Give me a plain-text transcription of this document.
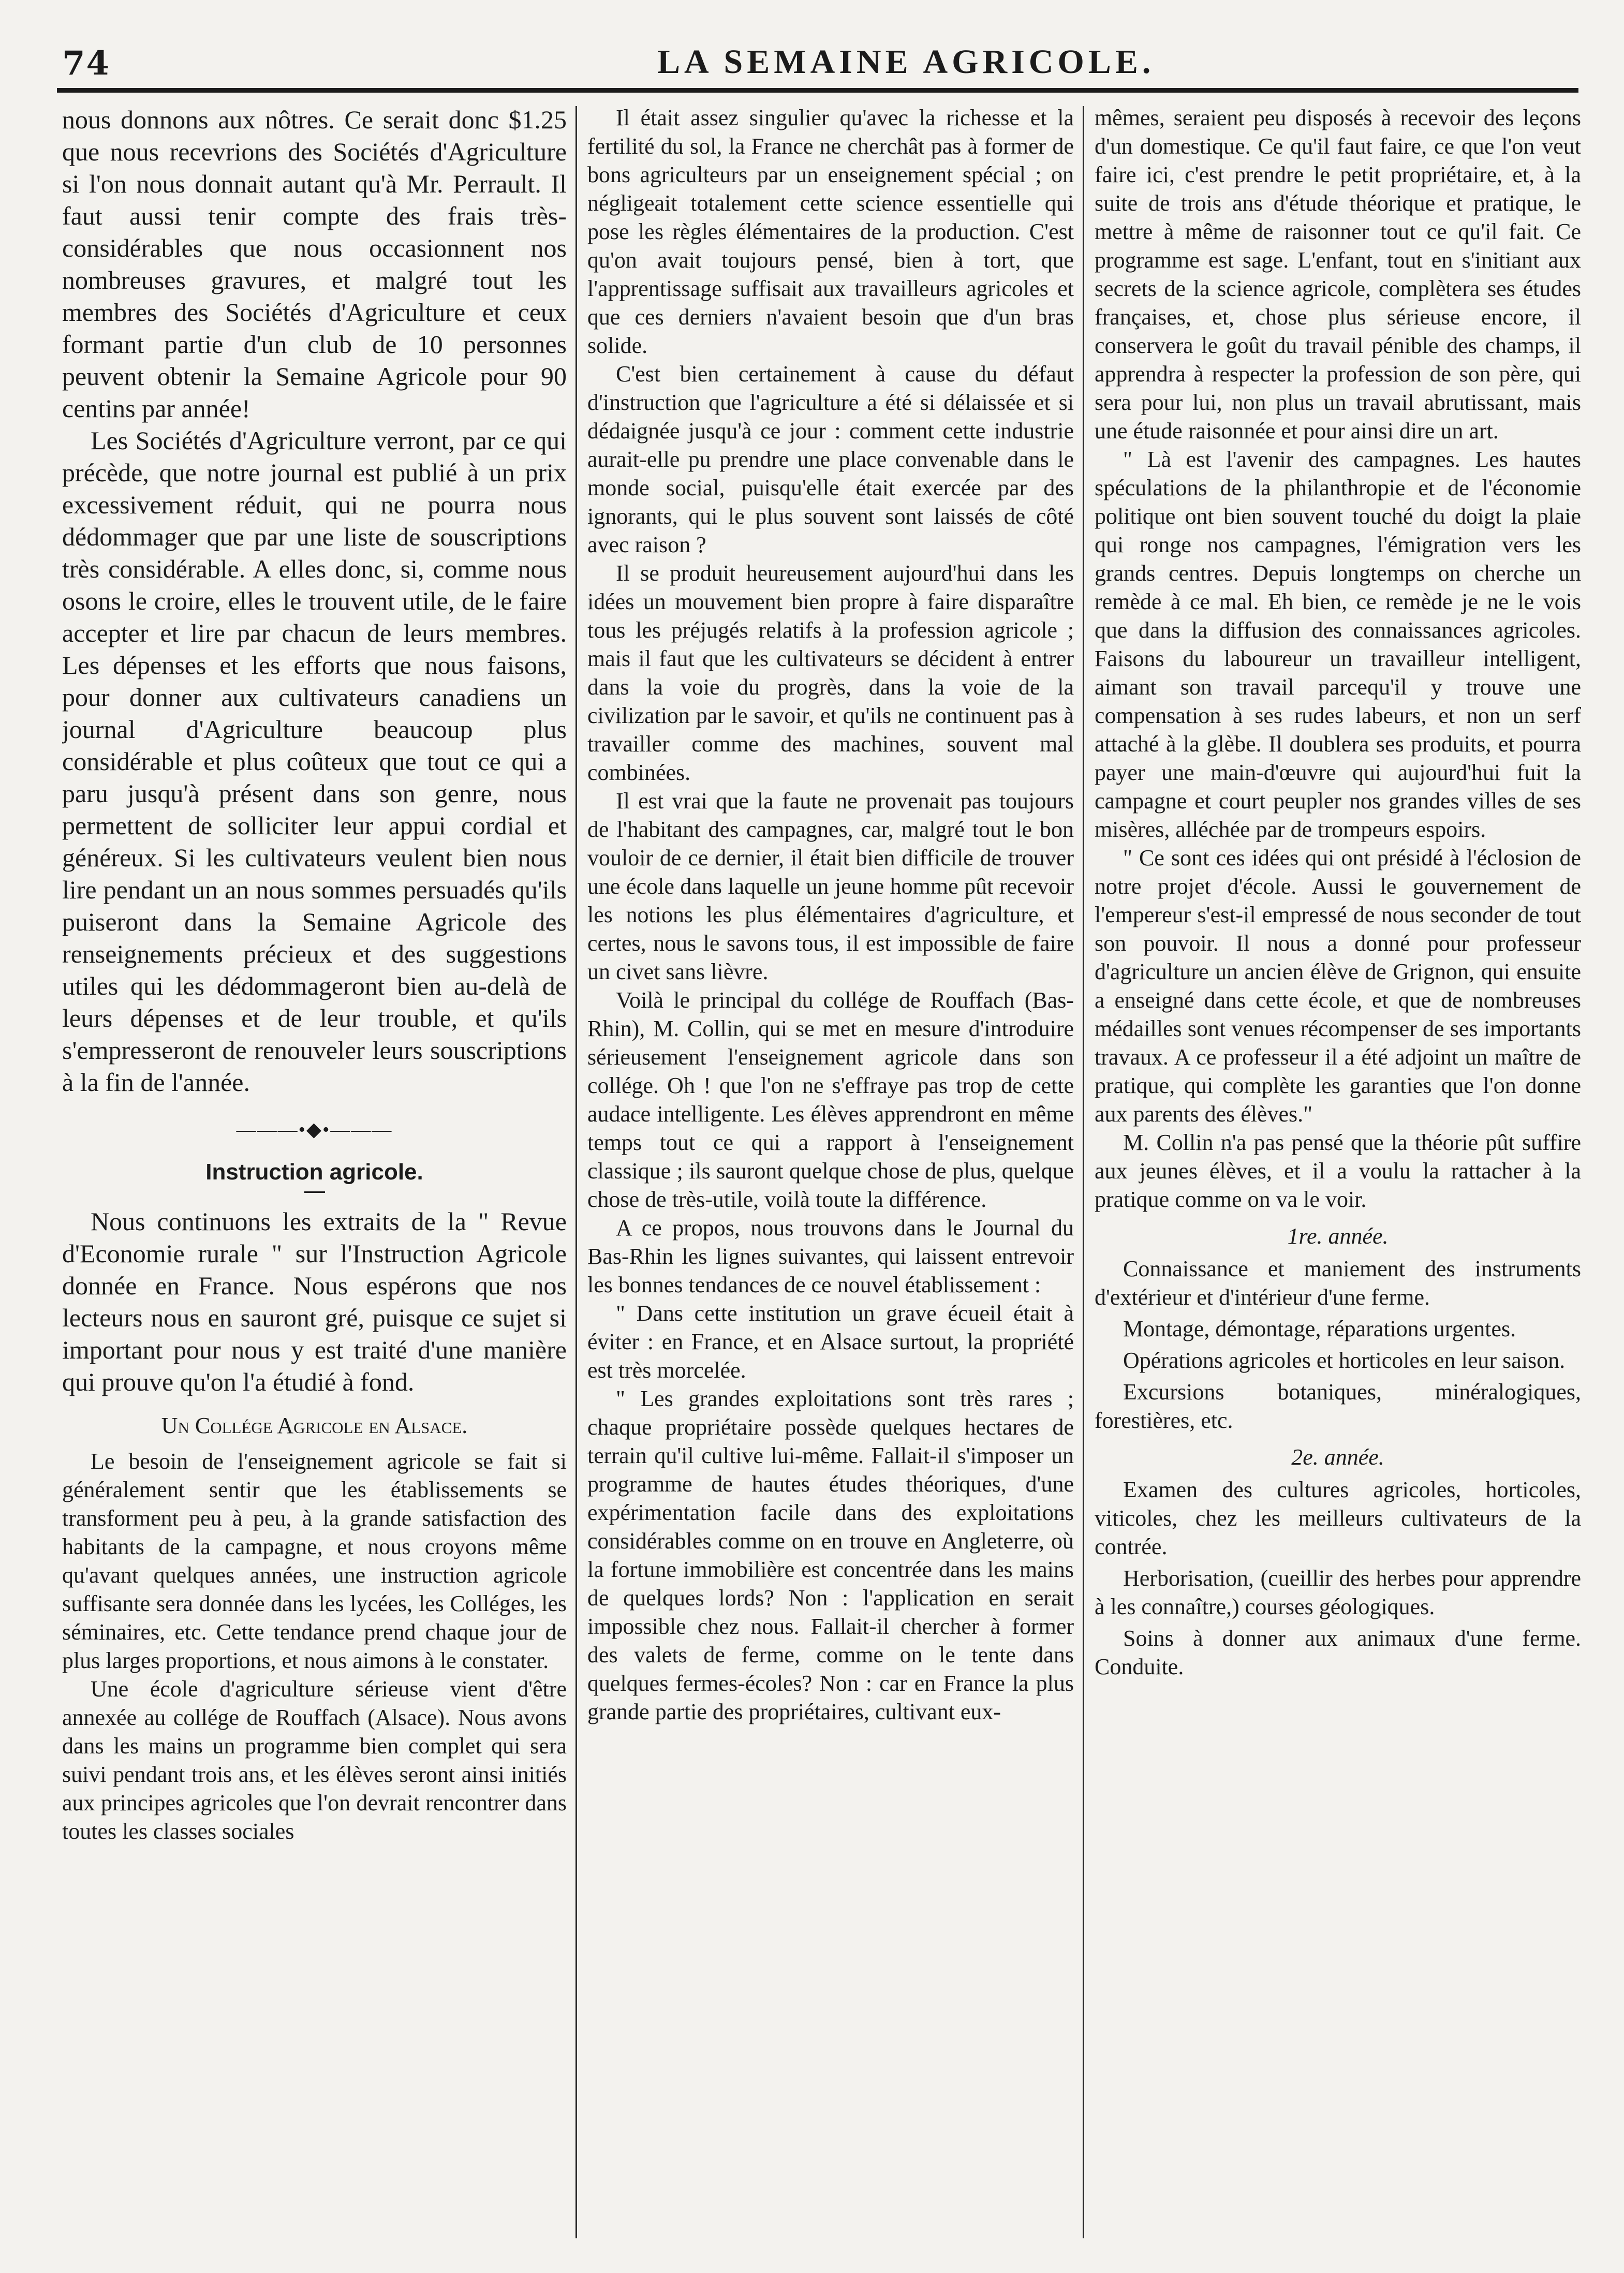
74	LA SEMAINE AGRICOLE.

nous donnons aux nôtres. Ce serait donc $1.25 que nous recevrions des Sociétés d'Agriculture si l'on nous donnait autant qu'à Mr. Perrault. Il faut aussi tenir compte des frais très-considérables que nous occasionnent nos nombreuses gravures, et malgré tout les membres des Sociétés d'Agriculture et ceux formant partie d'un club de 10 personnes peuvent obtenir la Semaine Agricole pour 90 centins par année!

Les Sociétés d'Agriculture verront, par ce qui précède, que notre journal est publié à un prix excessivement réduit, qui ne pourra nous dédommager que par une liste de souscriptions très considérable. A elles donc, si, comme nous osons le croire, elles le trouvent utile, de le faire accepter et lire par chacun de leurs membres. Les dépenses et les efforts que nous faisons, pour donner aux cultivateurs canadiens un journal d'Agriculture beaucoup plus considérable et plus coûteux que tout ce qui a paru jusqu'à présent dans son genre, nous permettent de solliciter leur appui cordial et généreux. Si les cultivateurs veulent bien nous lire pendant un an nous sommes persuadés qu'ils puiseront dans la Semaine Agricole des renseignements précieux et des suggestions utiles qui les dédommageront bien au-delà de leurs dépenses et de leur trouble, et qu'ils s'empresseront de renouveler leurs souscriptions à la fin de l'année.

———•◆•———
Instruction agricole.

Nous continuons les extraits de la " Revue d'Economie rurale " sur l'Instruction Agricole donnée en France. Nous espérons que nos lecteurs nous en sauront gré, puisque ce sujet si important pour nous y est traité d'une manière qui prouve qu'on l'a étudié à fond.

Un Collége Agricole en Alsace.

Le besoin de l'enseignement agricole se fait si généralement sentir que les établissements se transforment peu à peu, à la grande satisfaction des habitants de la campagne, et nous croyons même qu'avant quelques années, une instruction agricole suffisante sera donnée dans les lycées, les Colléges, les séminaires, etc. Cette tendance prend chaque jour de plus larges proportions, et nous aimons à le constater.

Une école d'agriculture sérieuse vient d'être annexée au collége de Rouffach (Alsace). Nous avons dans les mains un programme bien complet qui sera suivi pendant trois ans, et les élèves seront ainsi initiés aux principes agricoles que l'on devrait rencontrer dans toutes les classes sociales

Il était assez singulier qu'avec la richesse et la fertilité du sol, la France ne cherchât pas à former de bons agriculteurs par un enseignement spécial ; on négligeait totalement cette science essentielle qui pose les règles élémentaires de la production. C'est qu'on avait toujours pensé, bien à tort, que l'apprentissage suffisait aux travailleurs agricoles et que ces derniers n'avaient besoin que d'un bras solide.

C'est bien certainement à cause du défaut d'instruction que l'agriculture a été si délaissée et si dédaignée jusqu'à ce jour : comment cette industrie aurait-elle pu prendre une place convenable dans le monde social, puisqu'elle était exercée par des ignorants, qui le plus souvent sont laissés de côté avec raison ?

Il se produit heureusement aujourd'hui dans les idées un mouvement bien propre à faire disparaître tous les préjugés relatifs à la profession agricole ; mais il faut que les cultivateurs se décident à entrer dans la voie du progrès, dans la voie de la civilization par le savoir, et qu'ils ne continuent pas à travailler comme des machines, souvent mal combinées.

Il est vrai que la faute ne provenait pas toujours de l'habitant des campagnes, car, malgré tout le bon vouloir de ce dernier, il était bien difficile de trouver une école dans laquelle un jeune homme pût recevoir les notions les plus élémentaires d'agriculture, et certes, nous le savons tous, il est impossible de faire un civet sans lièvre.

Voilà le principal du collége de Rouffach (Bas-Rhin), M. Collin, qui se met en mesure d'introduire sérieusement l'enseignement agricole dans son collége. Oh ! que l'on ne s'effraye pas trop de cette audace intelligente. Les élèves apprendront en même temps tout ce qui a rapport à l'enseignement classique ; ils sauront quelque chose de plus, quelque chose de très-utile, voilà toute la différence.

A ce propos, nous trouvons dans le Journal du Bas-Rhin les lignes suivantes, qui laissent entrevoir les bonnes tendances de ce nouvel établissement :

" Dans cette institution un grave écueil était à éviter : en France, et en Alsace surtout, la propriété est très morcelée.

" Les grandes exploitations sont très rares ; chaque propriétaire possède quelques hectares de terrain qu'il cultive lui-même. Fallait-il s'imposer un programme de hautes études théoriques, d'une expérimentation facile dans des exploitations considérables comme on en trouve en Angleterre, où la fortune immobilière est concentrée dans les mains de quelques lords? Non : l'application en serait impossible chez nous. Fallait-il chercher à former des valets de ferme, comme on le tente dans quelques fermes-écoles? Non : car en France la plus grande partie des propriétaires, cultivant eux-

mêmes, seraient peu disposés à recevoir des leçons d'un domestique. Ce qu'il faut faire, ce que l'on veut faire ici, c'est prendre le petit propriétaire, et, à la suite de trois ans d'étude théorique et pratique, le mettre à même de raisonner tout ce qu'il fait. Ce programme est sage. L'enfant, tout en s'initiant aux secrets de la science agricole, complètera ses études françaises, et, chose plus sérieuse encore, il conservera le goût du travail pénible des champs, il apprendra à respecter la profession de son père, qui sera pour lui, non plus un travail abrutissant, mais une étude raisonnée et pour ainsi dire un art.

" Là est l'avenir des campagnes. Les hautes spéculations de la philanthropie et de l'économie politique ont bien souvent touché du doigt la plaie qui ronge nos campagnes, l'émigration vers les grands centres. Depuis longtemps on cherche un remède à ce mal. Eh bien, ce remède je ne le vois que dans la diffusion des connaissances agricoles. Faisons du laboureur un travailleur intelligent, aimant son travail parcequ'il y trouve une compensation à ses rudes labeurs, et non un serf attaché à la glèbe. Il doublera ses produits, et pourra payer une main-d'œuvre qui aujourd'hui fuit la campagne et court peupler nos grandes villes de ses misères, alléchée par de trompeurs espoirs.

" Ce sont ces idées qui ont présidé à l'éclosion de notre projet d'école. Aussi le gouvernement de l'empereur s'est-il empressé de nous seconder de tout son pouvoir. Il nous a donné pour professeur d'agriculture un ancien élève de Grignon, qui ensuite a enseigné dans cette école, et que de nombreuses médailles sont venues récompenser de ses importants travaux. A ce professeur il a été adjoint un maître de pratique, qui complète les garanties que l'on donne aux parents des élèves."

M. Collin n'a pas pensé que la théorie pût suffire aux jeunes élèves, et il a voulu la rattacher à la pratique comme on va le voir.

1re. année.

Connaissance et maniement des instruments d'extérieur et d'intérieur d'une ferme.

Montage, démontage, réparations urgentes.

Opérations agricoles et horticoles en leur saison.

Excursions botaniques, minéralogiques, forestières, etc.

2e. année.

Examen des cultures agricoles, horticoles, viticoles, chez les meilleurs cultivateurs de la contrée.

Herborisation, (cueillir des herbes pour apprendre à les connaître,) courses géologiques.

Soins à donner aux animaux d'une ferme. Conduite.
